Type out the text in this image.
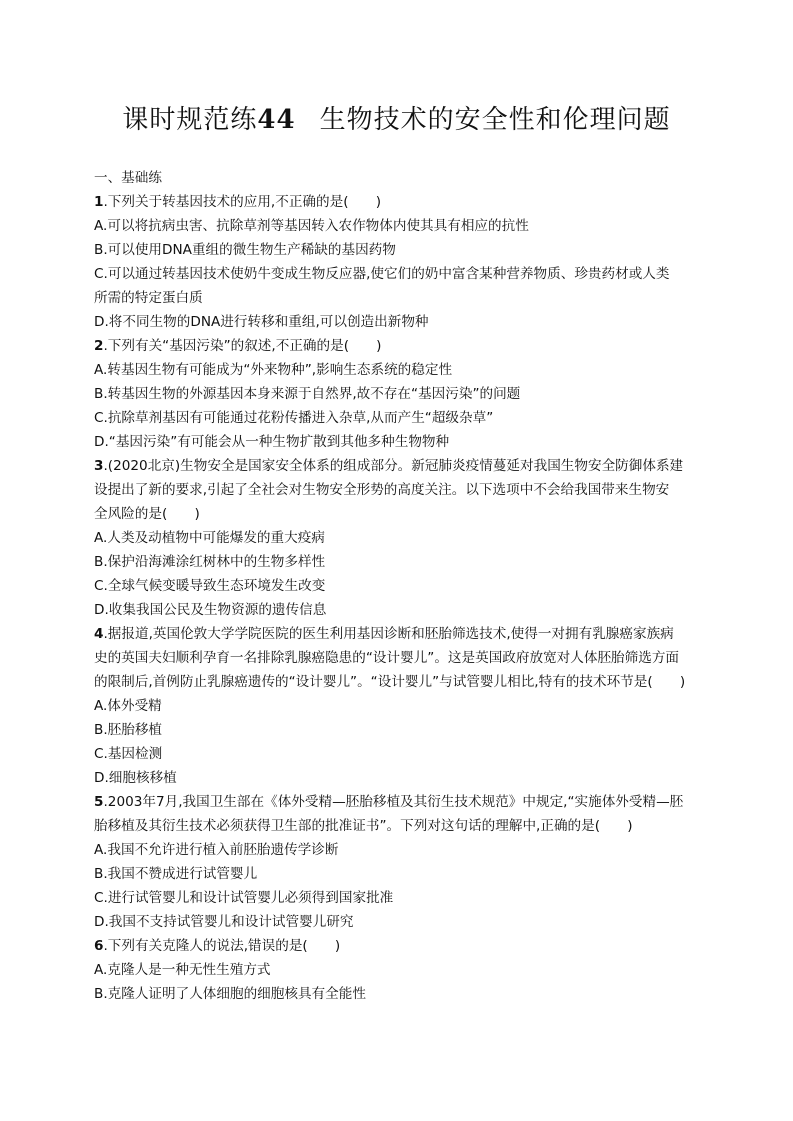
课时规范练44 生物技术的安全性和伦理问题
一、基础练
1.下列关于转基因技术的应用,不正确的是(　　)
A.可以将抗病虫害、抗除草剂等基因转入农作物体内使其具有相应的抗性
B.可以使用DNA重组的微生物生产稀缺的基因药物
C.可以通过转基因技术使奶牛变成生物反应器,使它们的奶中富含某种营养物质、珍贵药材或人类
所需的特定蛋白质
D.将不同生物的DNA进行转移和重组,可以创造出新物种
2.下列有关“基因污染”的叙述,不正确的是(　　)
A.转基因生物有可能成为“外来物种”,影响生态系统的稳定性
B.转基因生物的外源基因本身来源于自然界,故不存在“基因污染”的问题
C.抗除草剂基因有可能通过花粉传播进入杂草,从而产生“超级杂草”
D.“基因污染”有可能会从一种生物扩散到其他多种生物物种
3.(2020北京)生物安全是国家安全体系的组成部分。新冠肺炎疫情蔓延对我国生物安全防御体系建
设提出了新的要求,引起了全社会对生物安全形势的高度关注。以下选项中不会给我国带来生物安
全风险的是(　　)
A.人类及动植物中可能爆发的重大疫病
B.保护沿海滩涂红树林中的生物多样性
C.全球气候变暖导致生态环境发生改变
D.收集我国公民及生物资源的遗传信息
4.据报道,英国伦敦大学学院医院的医生利用基因诊断和胚胎筛选技术,使得一对拥有乳腺癌家族病
史的英国夫妇顺利孕育一名排除乳腺癌隐患的“设计婴儿”。这是英国政府放宽对人体胚胎筛选方面
的限制后,首例防止乳腺癌遗传的“设计婴儿”。“设计婴儿”与试管婴儿相比,特有的技术环节是(　　)
A.体外受精
B.胚胎移植
C.基因检测
D.细胞核移植
5.2003年7月,我国卫生部在《体外受精—胚胎移植及其衍生技术规范》中规定,“实施体外受精—胚
胎移植及其衍生技术必须获得卫生部的批准证书”。下列对这句话的理解中,正确的是(　　)
A.我国不允许进行植入前胚胎遗传学诊断
B.我国不赞成进行试管婴儿
C.进行试管婴儿和设计试管婴儿必须得到国家批准
D.我国不支持试管婴儿和设计试管婴儿研究
6.下列有关克隆人的说法,错误的是(　　)
A.克隆人是一种无性生殖方式
B.克隆人证明了人体细胞的细胞核具有全能性
